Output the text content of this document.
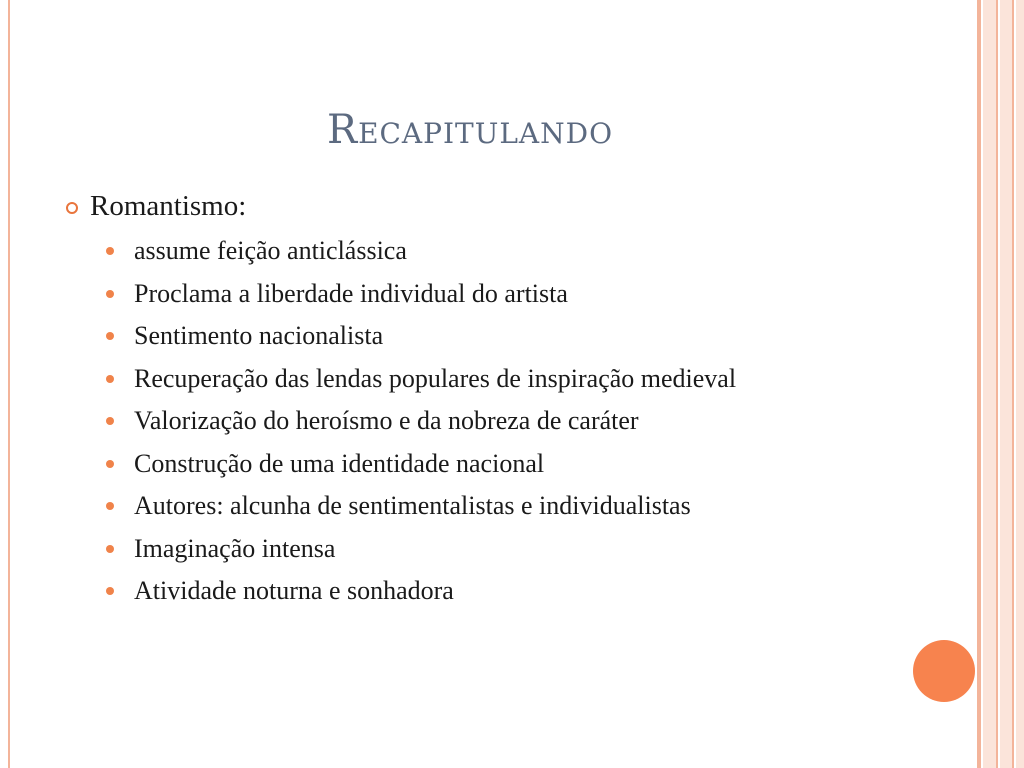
Recapitulando
Romantismo:
assume feição anticlássica
Proclama a liberdade individual do artista
Sentimento nacionalista
Recuperação das lendas populares de inspiração medieval
Valorização do heroísmo e da nobreza de caráter
Construção de uma identidade nacional
Autores: alcunha de sentimentalistas e individualistas
Imaginação intensa
Atividade noturna e sonhadora
